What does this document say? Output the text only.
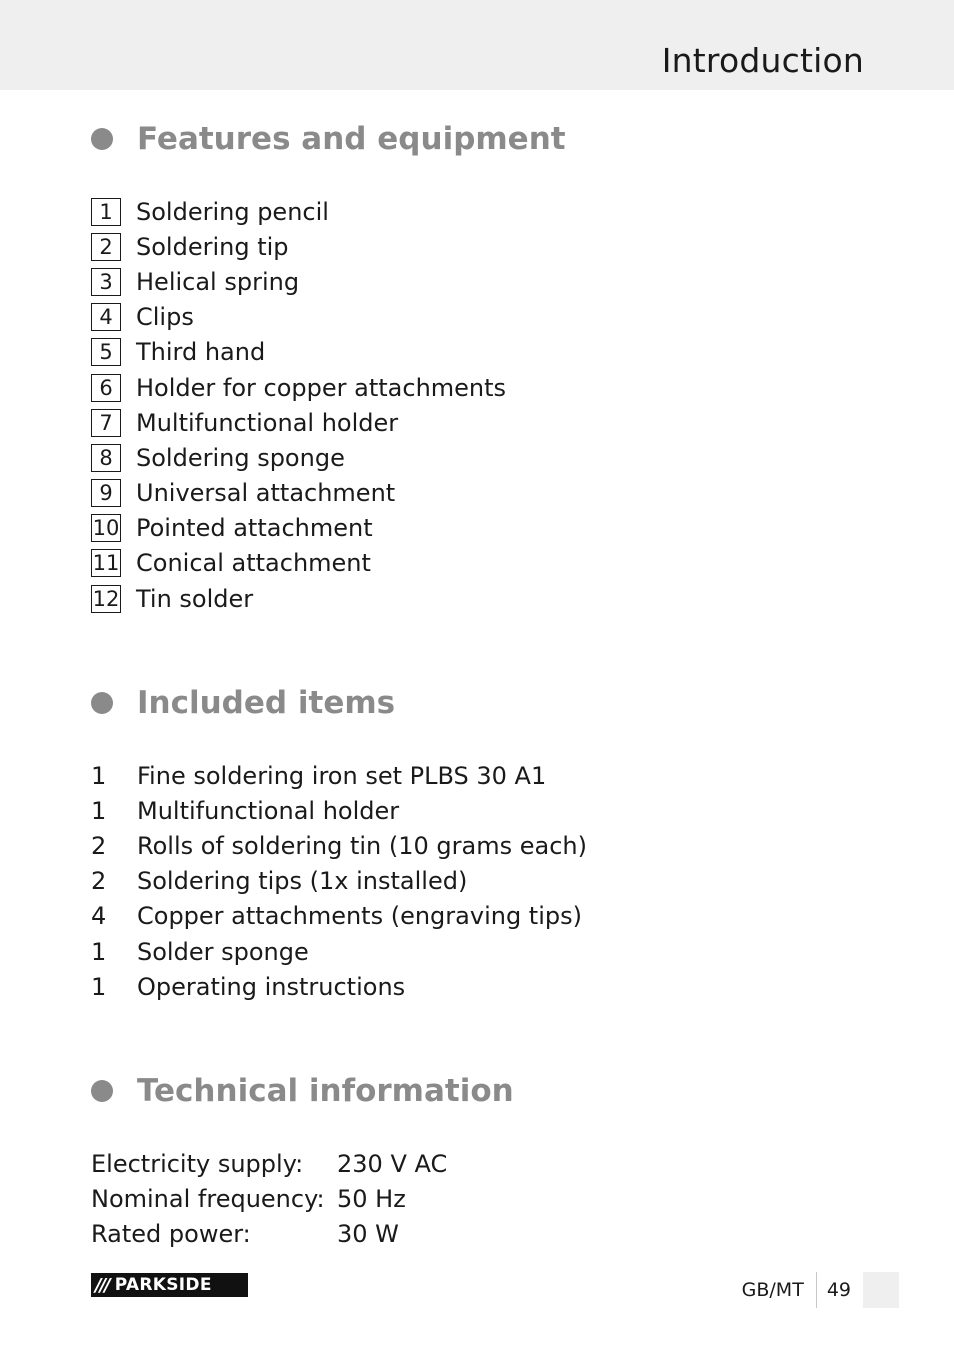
Introduction
Features and equipment
1 Soldering pencil
2 Soldering tip
3 Helical spring
4 Clips
5 Third hand
6 Holder for copper attachments
7 Multifunctional holder
8 Soldering sponge
9 Universal attachment
10 Pointed attachment
11 Conical attachment
12 Tin solder
Included items
1	Fine soldering iron set PLBS 30 A1
1	Multifunctional holder
2	Rolls of soldering tin (10 grams each)
2	Soldering tips (1x installed)
4	Copper attachments (engraving tips)
1	Solder sponge
1	Operating instructions
Technical information
Electricity supply:	230 V AC
Nominal frequency: 50 Hz
Rated power:	30 W
/// PARKSIDE	GB/MT	49
